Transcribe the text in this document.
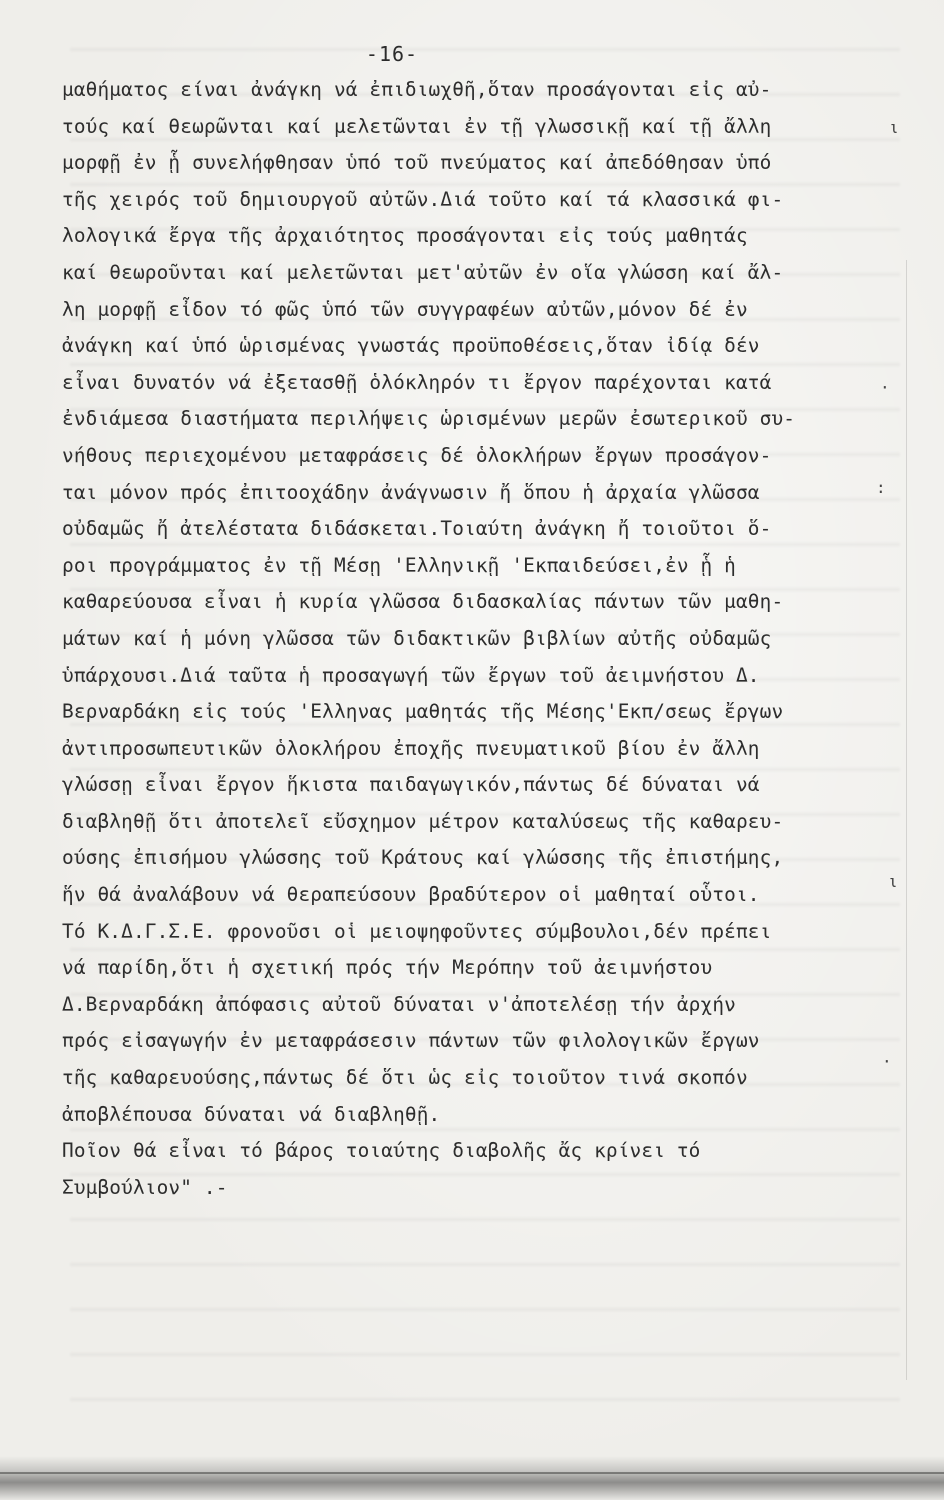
-16-
μαθήματος είναι ἀνάγκη νά ἐπιδιωχθῆ,ὅταν προσάγονται εἰς αὐ-
τούς καί θεωρῶνται καί μελετῶνται ἐν τῇ γλωσσικῇ καί τῇ ἄλλη
μορφῇ ἐν ᾗ συνελήφθησαν ὑπό τοῦ πνεύματος καί ἀπεδόθησαν ὑπό
τῆς χειρός τοῦ δημιουργοῦ αὐτῶν.Διά τοῦτο καί τά κλασσικά φι-
λολογικά ἔργα τῆς ἀρχαιότητος προσάγονται εἰς τούς μαθητάς
καί θεωροῦνται καί μελετῶνται μετ'αὐτῶν ἐν οἵα γλώσση καί ἄλ-
λη μορφῇ εἶδον τό φῶς ὑπό τῶν συγγραφέων αὐτῶν,μόνον δέ ἐν
ἀνάγκη καί ὑπό ὡρισμένας γνωστάς προϋποθέσεις,ὅταν ἰδίᾳ δέν
εἶναι δυνατόν νά ἐξετασθῇ ὁλόκληρόν τι ἔργον παρέχονται κατά
ἐνδιάμεσα διαστήματα περιλήψεις ὡρισμένων μερῶν ἐσωτερικοῦ συ-
νήθους περιεχομένου μεταφράσεις δέ ὁλοκλήρων ἔργων προσάγον-
ται μόνον πρός ἐπιτοοχάδην ἀνάγνωσιν ἤ ὅπου ἡ ἀρχαία γλῶσσα
οὐδαμῶς ἤ ἀτελέστατα διδάσκεται.Τοιαύτη ἀνάγκη ἤ τοιοῦτοι ὅ-
ροι προγράμματος ἐν τῇ Μέσῃ 'Ελληνικῇ 'Εκπαιδεύσει,ἐν ᾗ ἡ
καθαρεύουσα εἶναι ἡ κυρία γλῶσσα διδασκαλίας πάντων τῶν μαθη-
μάτων καί ἡ μόνη γλῶσσα τῶν διδακτικῶν βιβλίων αὐτῆς οὐδαμῶς
ὑπάρχουσι.Διά ταῦτα ἡ προσαγωγή τῶν ἔργων τοῦ ἀειμνήστου Δ.
Βερναρδάκη εἰς τούς 'Ελληνας μαθητάς τῆς Μέσης'Εκπ/σεως ἔργων
ἀντιπροσωπευτικῶν ὁλοκλήρου ἐποχῆς πνευματικοῦ βίου ἐν ἄλλη
γλώσσῃ εἶναι ἔργον ἥκιστα παιδαγωγικόν,πάντως δέ δύναται νά
διαβληθῇ ὅτι ἀποτελεῖ εὔσχημον μέτρον καταλύσεως τῆς καθαρευ-
ούσης ἐπισήμου γλώσσης τοῦ Κράτους καί γλώσσης τῆς ἐπιστήμης,
ἥν θά ἀναλάβουν νά θεραπεύσουν βραδύτερον οἱ μαθηταί οὗτοι.
Τό Κ.Δ.Γ.Σ.Ε. φρονοῦσι οἱ μειοψηφοῦντες σύμβουλοι,δέν πρέπει
νά παρίδη,ὅτι ἡ σχετική πρός τήν Μερόπην τοῦ ἀειμνήστου
Δ.Βερναρδάκη ἀπόφασις αὐτοῦ δύναται ν'ἀποτελέσῃ τήν ἀρχήν
πρός εἰσαγωγήν ἐν μεταφράσεσιν πάντων τῶν φιλολογικῶν ἔργων
τῆς καθαρευούσης,πάντως δέ ὅτι ὡς εἰς τοιοῦτον τινά σκοπόν
ἀποβλέπουσα δύναται νά διαβληθῇ.
Ποῖον θά εἶναι τό βάρος τοιαύτης διαβολῆς ἄς κρίνει τό
Συμβούλιον" .-
ι
·
:
ι
·
